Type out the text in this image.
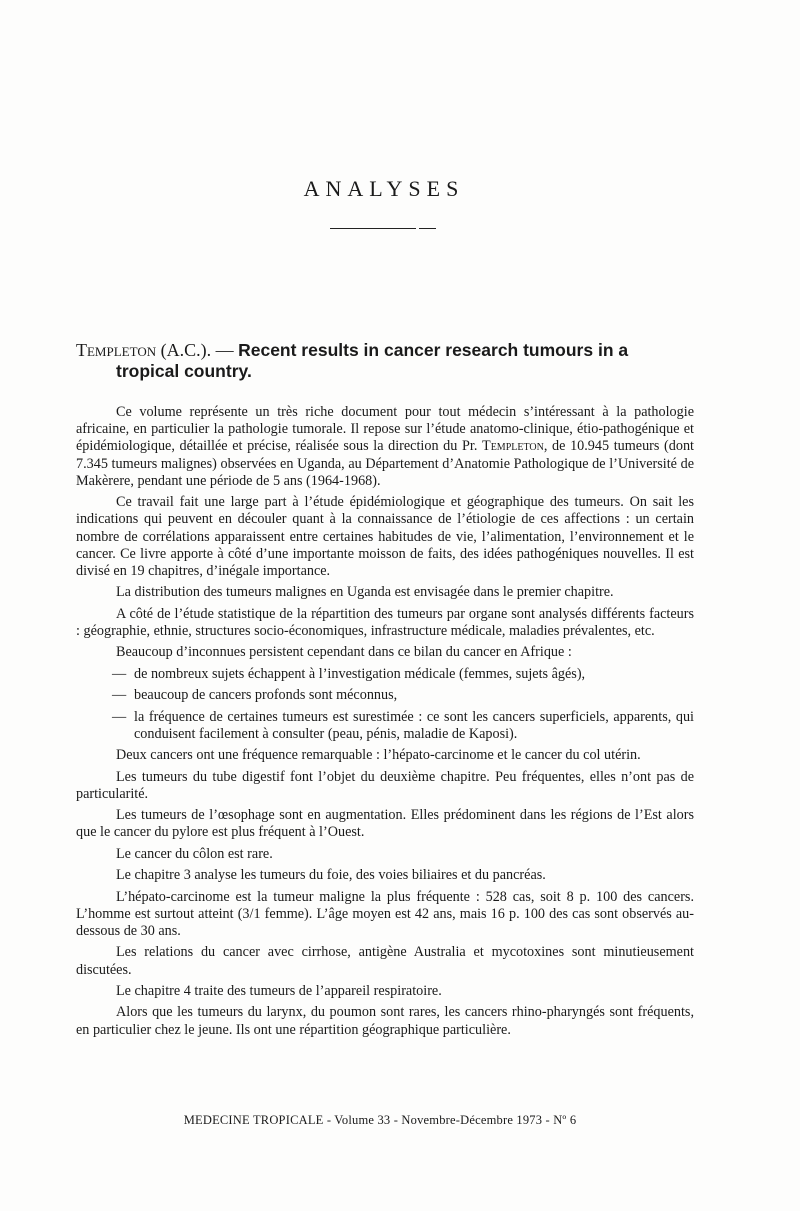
ANALYSES
Templeton (A.C.). — Recent results in cancer research tumours in a
tropical country.

Ce volume représente un très riche document pour tout médecin s’intéressant à la pathologie africaine, en particulier la pathologie tumorale. Il repose sur l’étude anatomo-clinique, étio-pathogénique et épidémiologique, détaillée et précise, réalisée sous la direction du Pr. Templeton, de 10.945 tumeurs (dont 7.345 tumeurs malignes) observées en Uganda, au Département d’Anatomie Pathologique de l’Université de Makèrere, pendant une période de 5 ans (1964-1968).

Ce travail fait une large part à l’étude épidémiologique et géographique des tumeurs. On sait les indications qui peuvent en découler quant à la connaissance de l’étiologie de ces affections : un certain nombre de corrélations apparaissent entre certaines habitudes de vie, l’alimentation, l’environnement et le cancer. Ce livre apporte à côté d’une importante moisson de faits, des idées pathogéniques nouvelles. Il est divisé en 19 chapitres, d’inégale importance.

La distribution des tumeurs malignes en Uganda est envisagée dans le premier chapitre.

A côté de l’étude statistique de la répartition des tumeurs par organe sont analysés différents facteurs : géographie, ethnie, structures socio-économiques, infrastructure médicale, maladies prévalentes, etc.

Beaucoup d’inconnues persistent cependant dans ce bilan du cancer en Afrique :

— de nombreux sujets échappent à l’investigation médicale (femmes, sujets âgés),

— beaucoup de cancers profonds sont méconnus,

— la fréquence de certaines tumeurs est surestimée : ce sont les cancers superficiels, apparents, qui conduisent facilement à consulter (peau, pénis, maladie de Kaposi).

Deux cancers ont une fréquence remarquable : l’hépato-carcinome et le cancer du col utérin.

Les tumeurs du tube digestif font l’objet du deuxième chapitre. Peu fréquentes, elles n’ont pas de particularité.

Les tumeurs de l’œsophage sont en augmentation. Elles prédominent dans les régions de l’Est alors que le cancer du pylore est plus fréquent à l’Ouest.

Le cancer du côlon est rare.

Le chapitre 3 analyse les tumeurs du foie, des voies biliaires et du pancréas.

L’hépato-carcinome est la tumeur maligne la plus fréquente : 528 cas, soit 8 p. 100 des cancers. L’homme est surtout atteint (3/1 femme). L’âge moyen est 42 ans, mais 16 p. 100 des cas sont observés au-dessous de 30 ans.

Les relations du cancer avec cirrhose, antigène Australia et mycotoxines sont minutieusement discutées.

Le chapitre 4 traite des tumeurs de l’appareil respiratoire.

Alors que les tumeurs du larynx, du poumon sont rares, les cancers rhino-pharyngés sont fréquents, en particulier chez le jeune. Ils ont une répartition géographique particulière.

MEDECINE TROPICALE - Volume 33 - Novembre-Décembre 1973 - Nº 6
